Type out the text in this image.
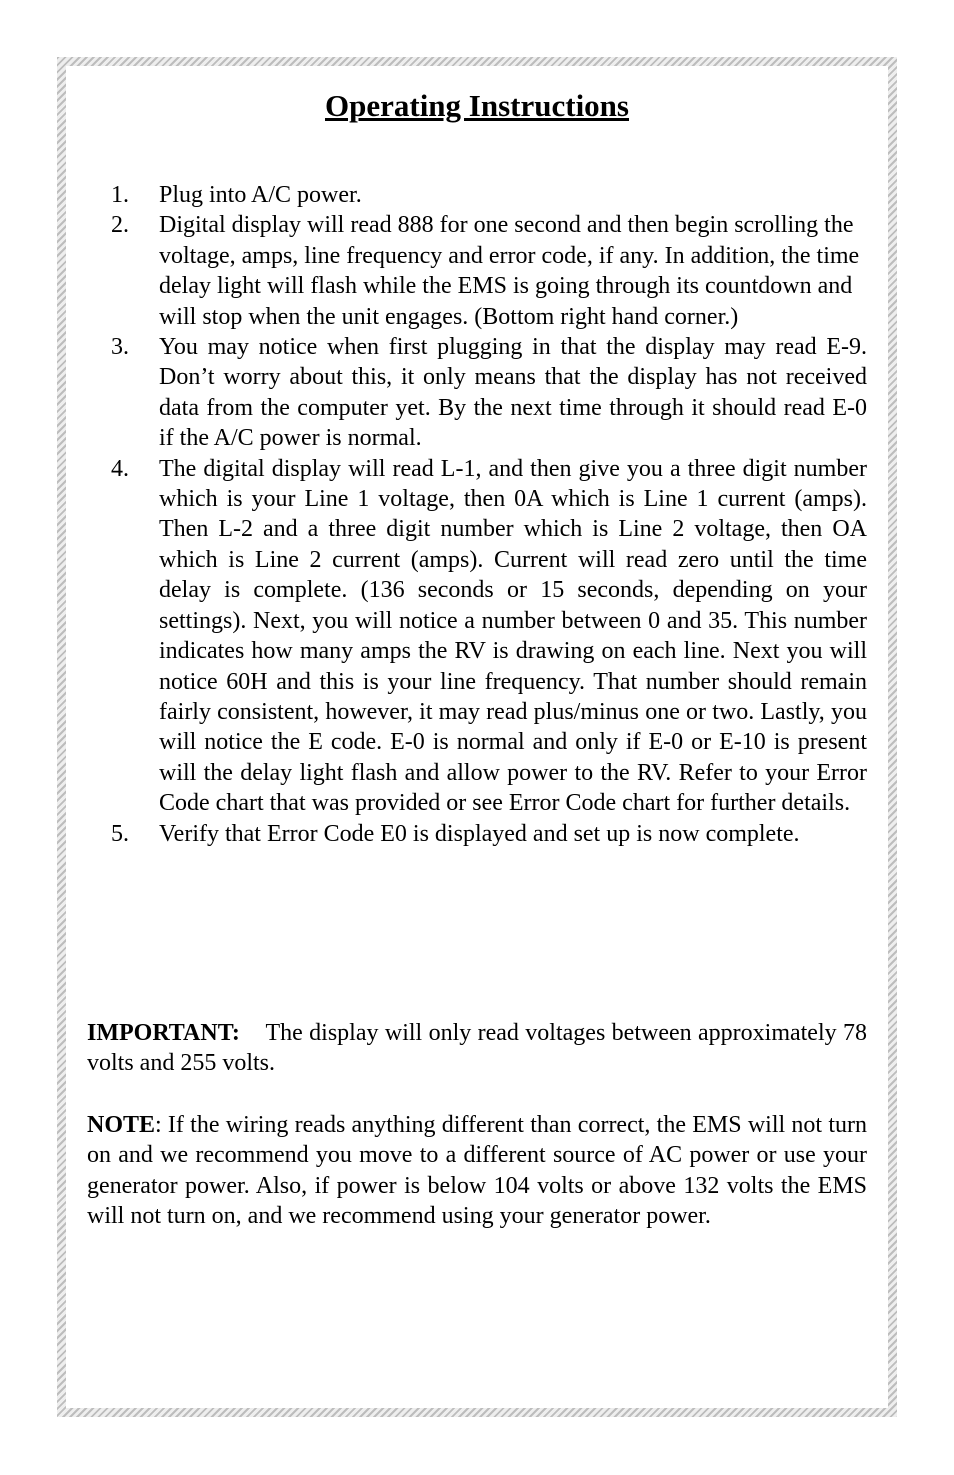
Operating Instructions
1. Plug into A/C power.
2. Digital display will read 888 for one second and then begin scrolling the voltage, amps, line frequency and error code, if any. In addition, the time delay light will flash while the EMS is going through its countdown and will stop when the unit engages. (Bottom right hand corner.)
3. You may notice when first plugging in that the display may read E-9. Don’t worry about this, it only means that the display has not received data from the computer yet. By the next time through it should read E-0 if the A/C power is normal.
4. The digital display will read L-1, and then give you a three digit number which is your Line 1 voltage, then 0A which is Line 1 current (amps). Then L-2 and a three digit number which is Line 2 voltage, then OA which is Line 2 current (amps). Current will read zero until the time delay is complete. (136 seconds or 15 seconds, depending on your settings). Next, you will notice a number between 0 and 35. This number indicates how many amps the RV is drawing on each line. Next you will notice 60H and this is your line frequency. That number should remain fairly consistent, however, it may read plus/minus one or two. Lastly, you will notice the E code. E-0 is normal and only if E-0 or E-10 is present will the delay light flash and allow power to the RV. Refer to your Error Code chart that was provided or see Error Code chart for further details.
5. Verify that Error Code E0 is displayed and set up is now complete.

IMPORTANT: The display will only read voltages between approximately 78 volts and 255 volts.

NOTE: If the wiring reads anything different than correct, the EMS will not turn on and we recommend you move to a different source of AC power or use your generator power. Also, if power is below 104 volts or above 132 volts the EMS will not turn on, and we recommend using your generator power.
